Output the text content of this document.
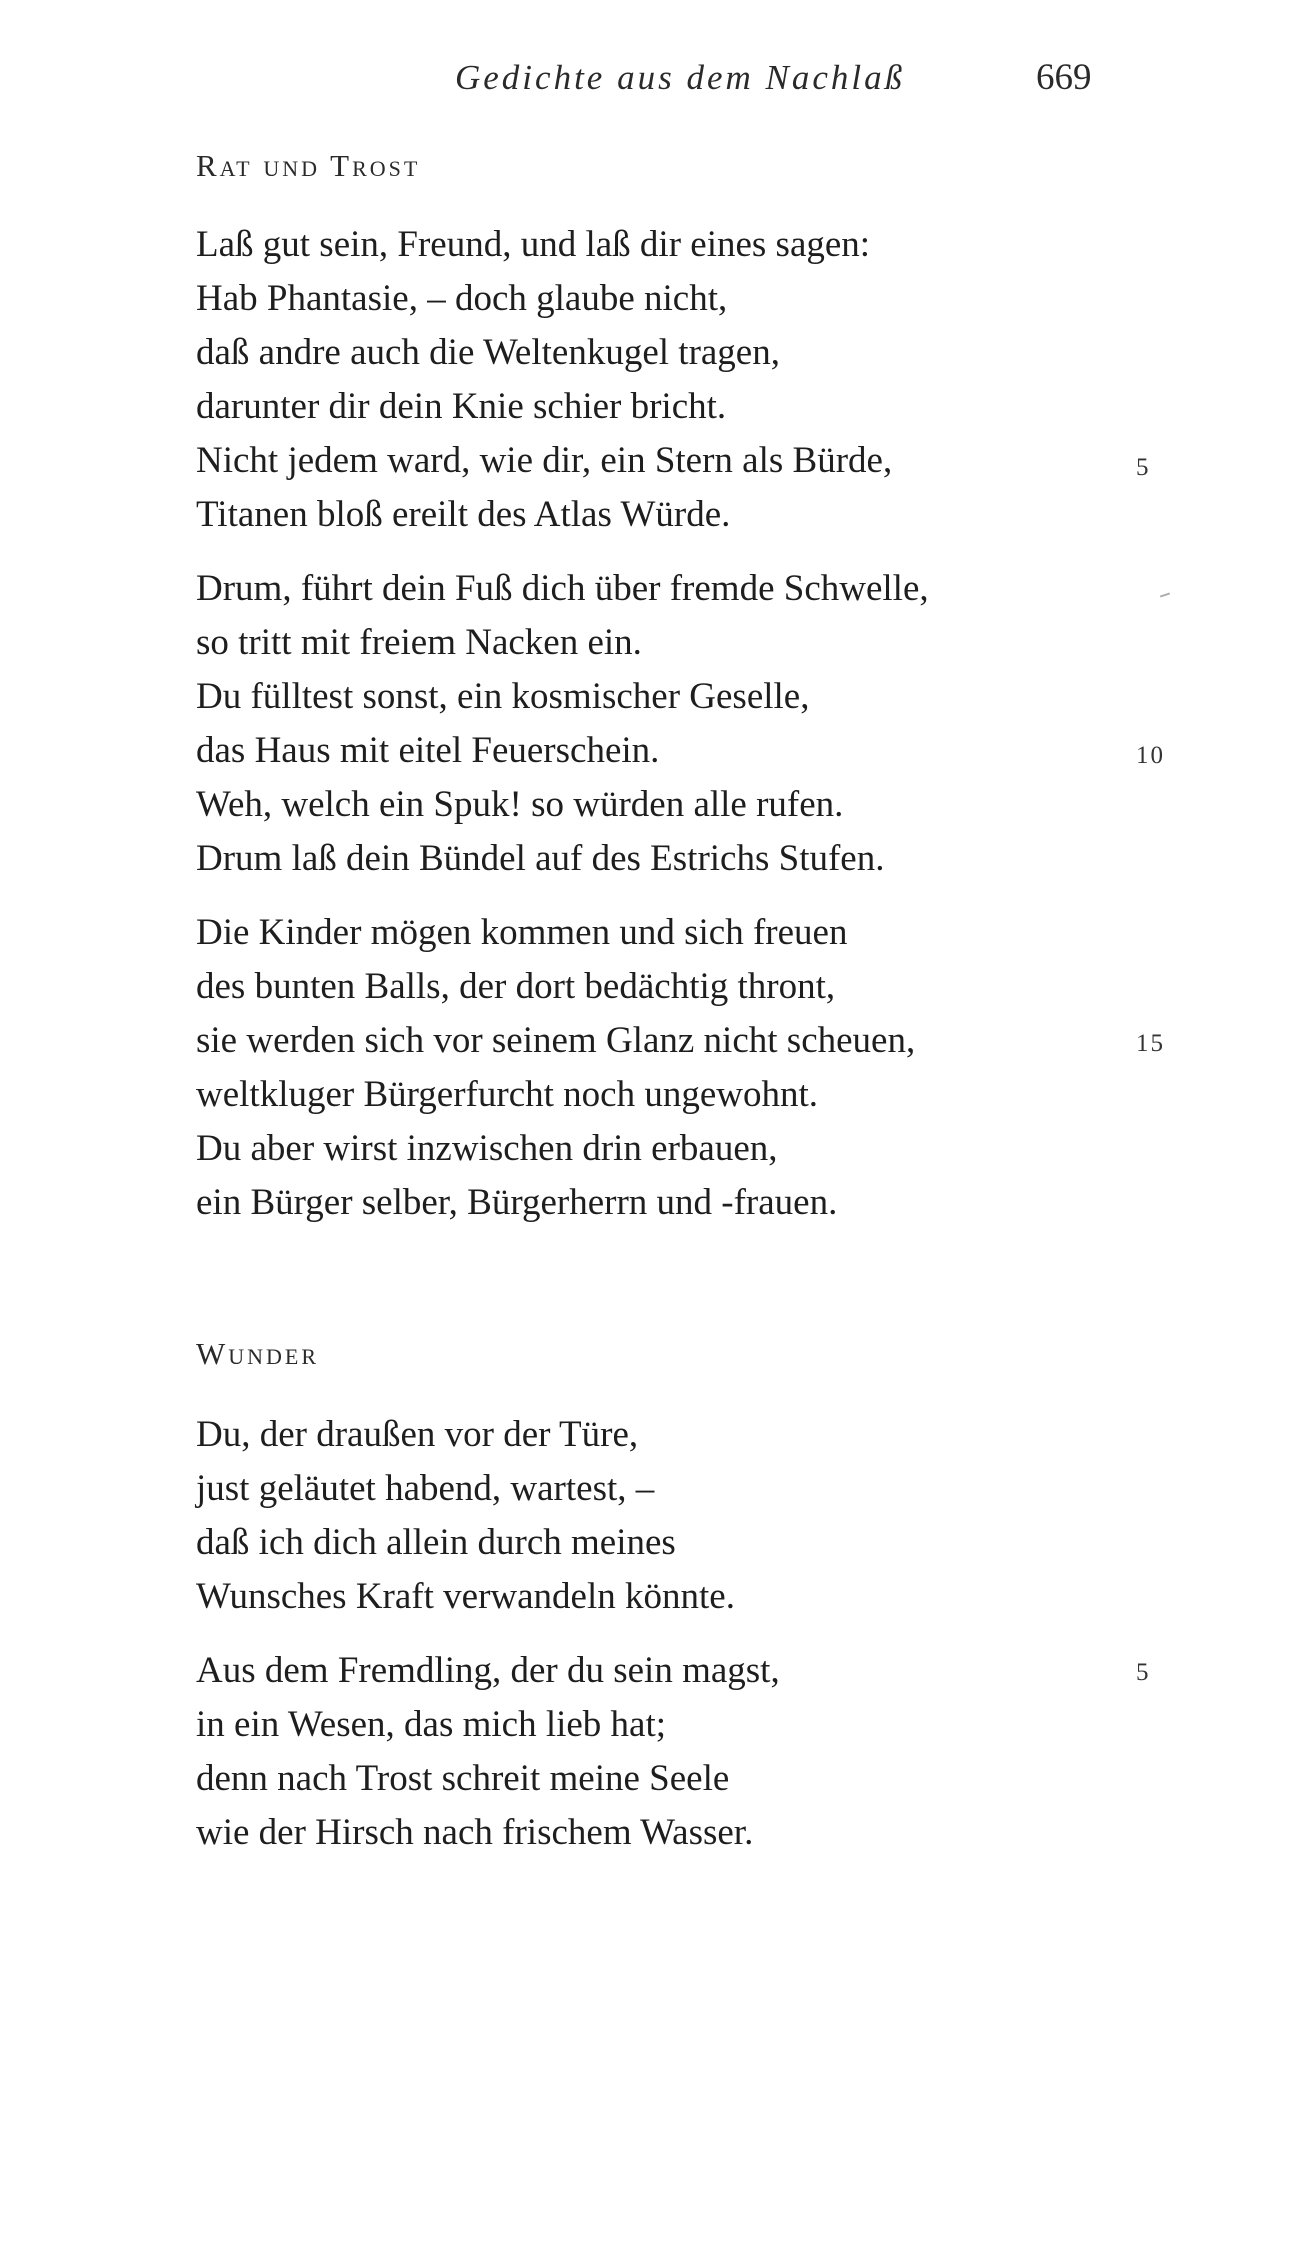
Gedichte aus dem Nachlaß	669
Rat und Trost
Laß gut sein, Freund, und laß dir eines sagen:
Hab Phantasie, – doch glaube nicht,
daß andre auch die Weltenkugel tragen,
darunter dir dein Knie schier bricht.
Nicht jedem ward, wie dir, ein Stern als Bürde,
Titanen bloß ereilt des Atlas Würde.
Drum, führt dein Fuß dich über fremde Schwelle,
so tritt mit freiem Nacken ein.
Du fülltest sonst, ein kosmischer Geselle,
das Haus mit eitel Feuerschein.
Weh, welch ein Spuk! so würden alle rufen.
Drum laß dein Bündel auf des Estrichs Stufen.
Die Kinder mögen kommen und sich freuen
des bunten Balls, der dort bedächtig thront,
sie werden sich vor seinem Glanz nicht scheuen,
weltkluger Bürgerfurcht noch ungewohnt.
Du aber wirst inzwischen drin erbauen,
ein Bürger selber, Bürgerherrn und -frauen.
5
10
15
Wunder
Du, der draußen vor der Türe,
just geläutet habend, wartest, –
daß ich dich allein durch meines
Wunsches Kraft verwandeln könnte.
Aus dem Fremdling, der du sein magst,
in ein Wesen, das mich lieb hat;
denn nach Trost schreit meine Seele
wie der Hirsch nach frischem Wasser.
5
